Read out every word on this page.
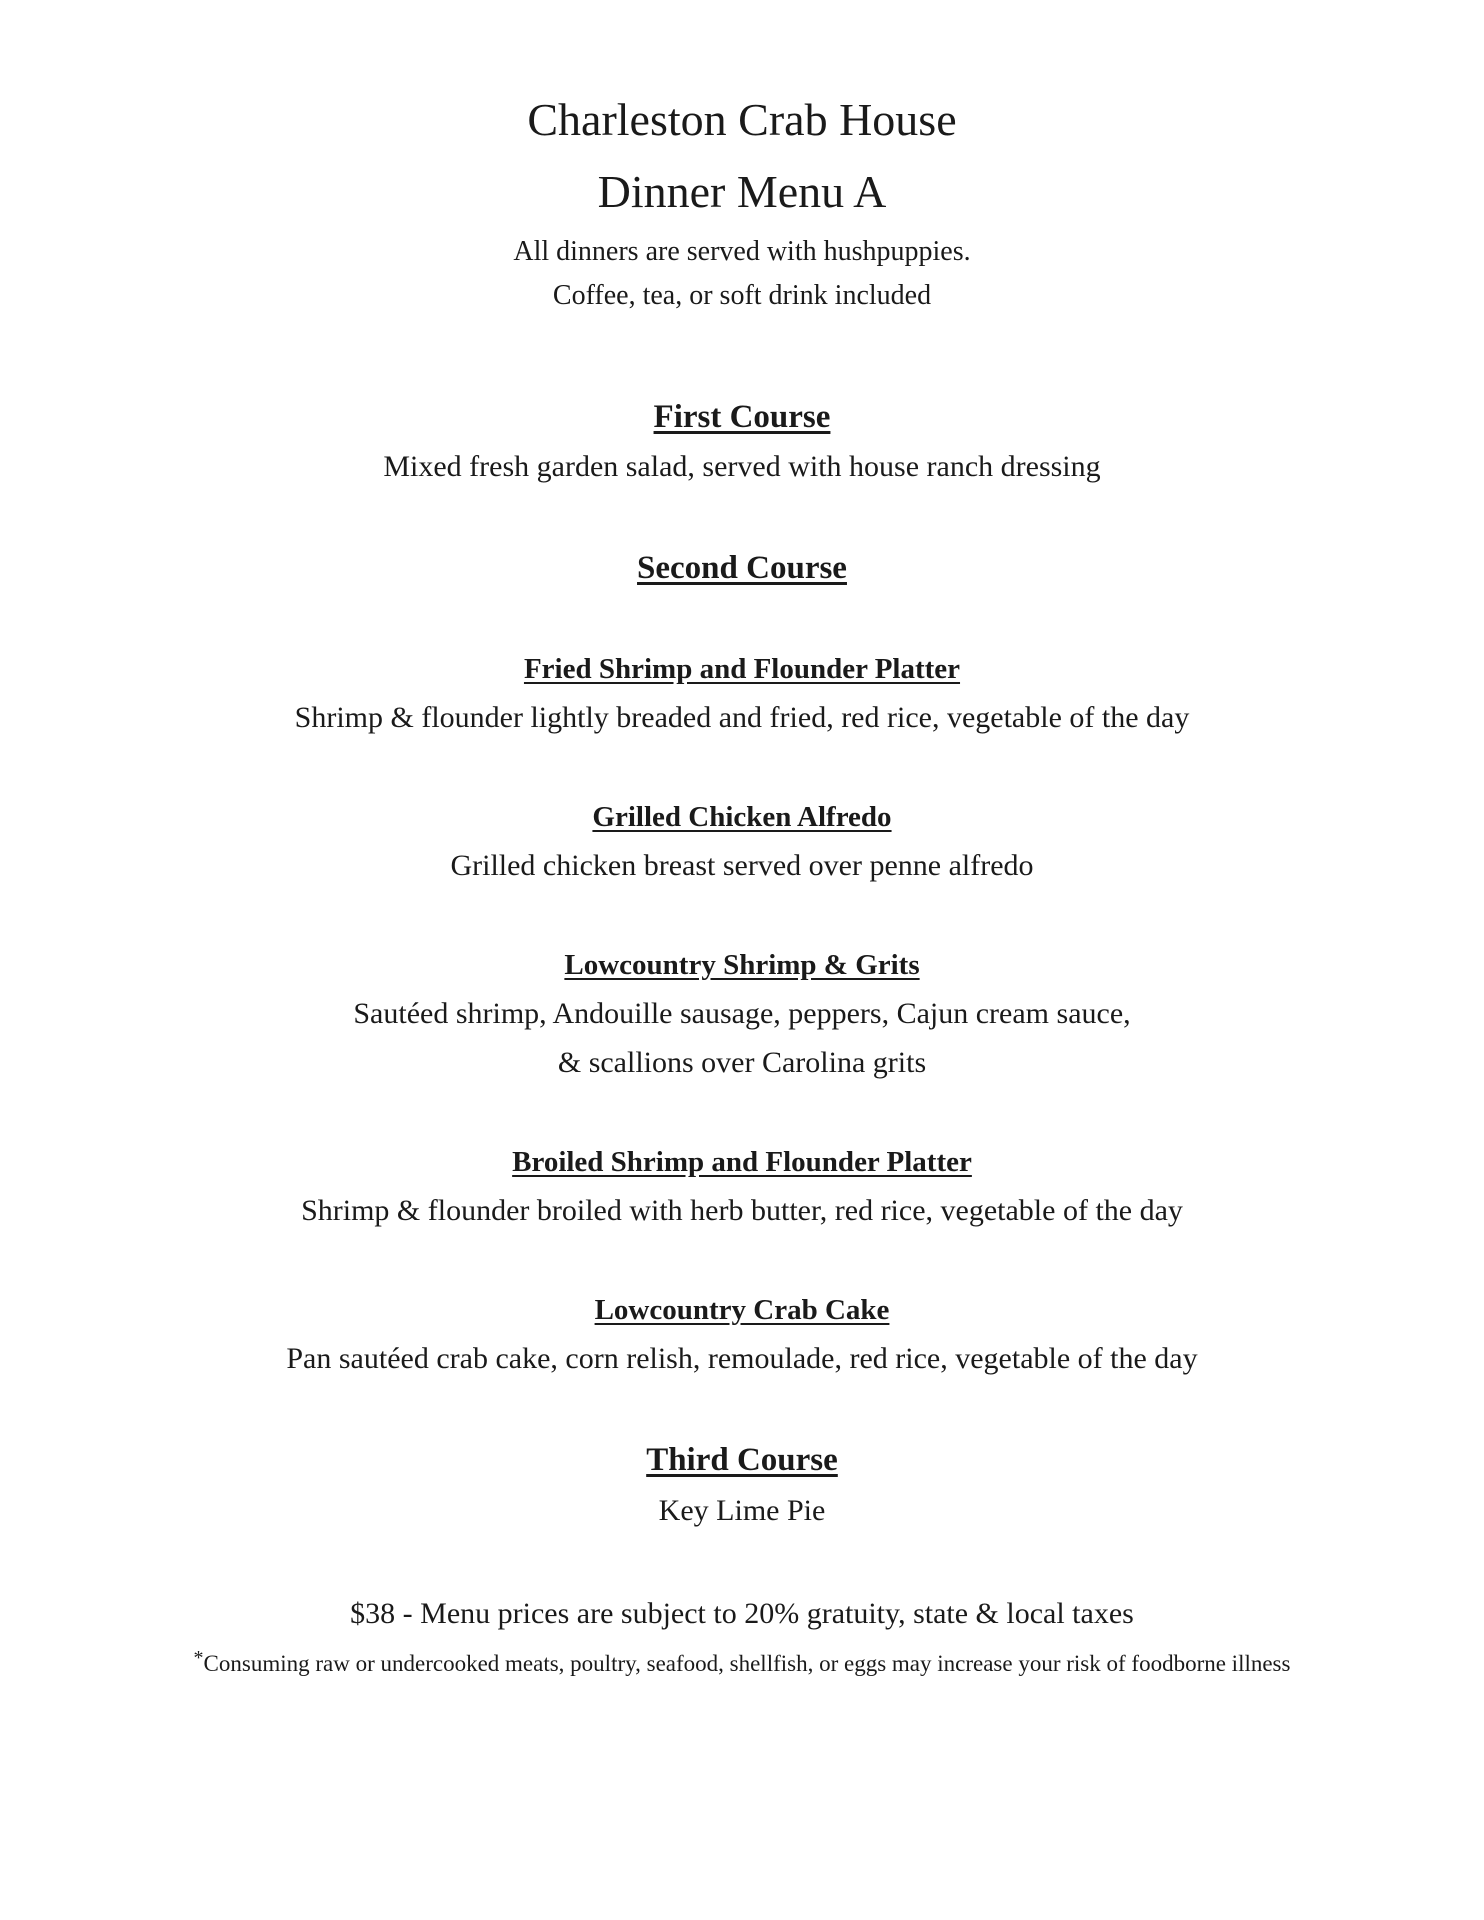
Charleston Crab House
Dinner Menu A
All dinners are served with hushpuppies.
Coffee, tea, or soft drink included
First Course
Mixed fresh garden salad, served with house ranch dressing
Second Course
Fried Shrimp and Flounder Platter
Shrimp & flounder lightly breaded and fried, red rice, vegetable of the day
Grilled Chicken Alfredo
Grilled chicken breast served over penne alfredo
Lowcountry Shrimp & Grits
Sautéed shrimp, Andouille sausage, peppers, Cajun cream sauce,
& scallions over Carolina grits
Broiled Shrimp and Flounder Platter
Shrimp & flounder broiled with herb butter, red rice, vegetable of the day
Lowcountry Crab Cake
Pan sautéed crab cake, corn relish, remoulade, red rice, vegetable of the day
Third Course
Key Lime Pie
$38 - Menu prices are subject to 20% gratuity, state & local taxes
*Consuming raw or undercooked meats, poultry, seafood, shellfish, or eggs may increase your risk of foodborne illness
